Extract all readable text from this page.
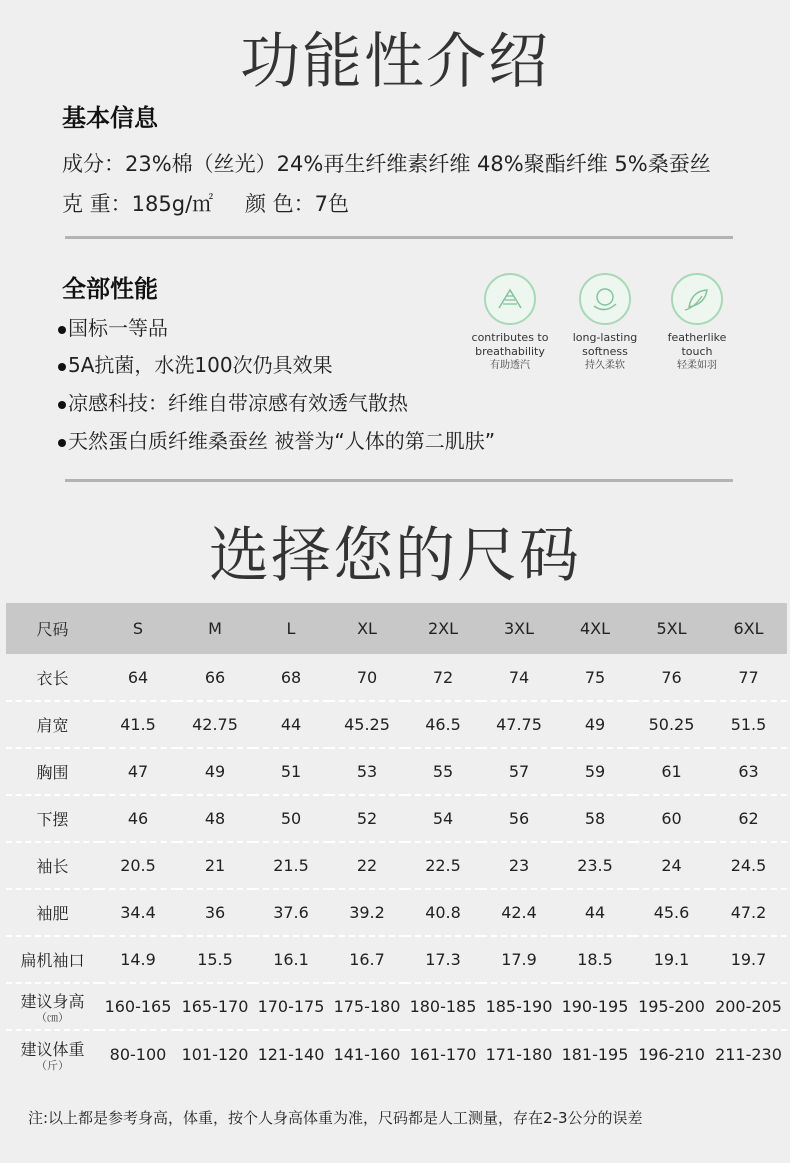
功能性介绍
基本信息
成分：23%棉（丝光）24%再生纤维素纤维 48%聚酯纤维 5%桑蚕丝
克 重：185g/㎡ 颜 色：7色
全部性能
国标一等品
5A抗菌，水洗100次仍具效果
凉感科技：纤维自带凉感有效透气散热
天然蛋白质纤维桑蚕丝 被誉为“人体的第二肌肤”
contributes to
breathability
有助透汽
long-lasting
softness
持久柔软
featherlike
touch
轻柔如羽
选择您的尺码
尺码	S	M	L	XL	2XL	3XL	4XL	5XL	6XL
衣长	64	66	68	70	72	74	75	76	77
肩宽	41.5	42.75	44	45.25	46.5	47.75	49	50.25	51.5
胸围	47	49	51	53	55	57	59	61	63
下摆	46	48	50	52	54	56	58	60	62
袖长	20.5	21	21.5	22	22.5	23	23.5	24	24.5
袖肥	34.4	36	37.6	39.2	40.8	42.4	44	45.6	47.2
扁机袖口	14.9	15.5	16.1	16.7	17.3	17.9	18.5	19.1	19.7
建议身高
（㎝）	160-165	165-170	170-175	175-180	180-185	185-190	190-195	195-200	200-205
建议体重
（斤）	80-100	101-120	121-140	141-160	161-170	171-180	181-195	196-210	211-230
注:以上都是参考身高，体重，按个人身高体重为准，尺码都是人工测量，存在2-3公分的误差
